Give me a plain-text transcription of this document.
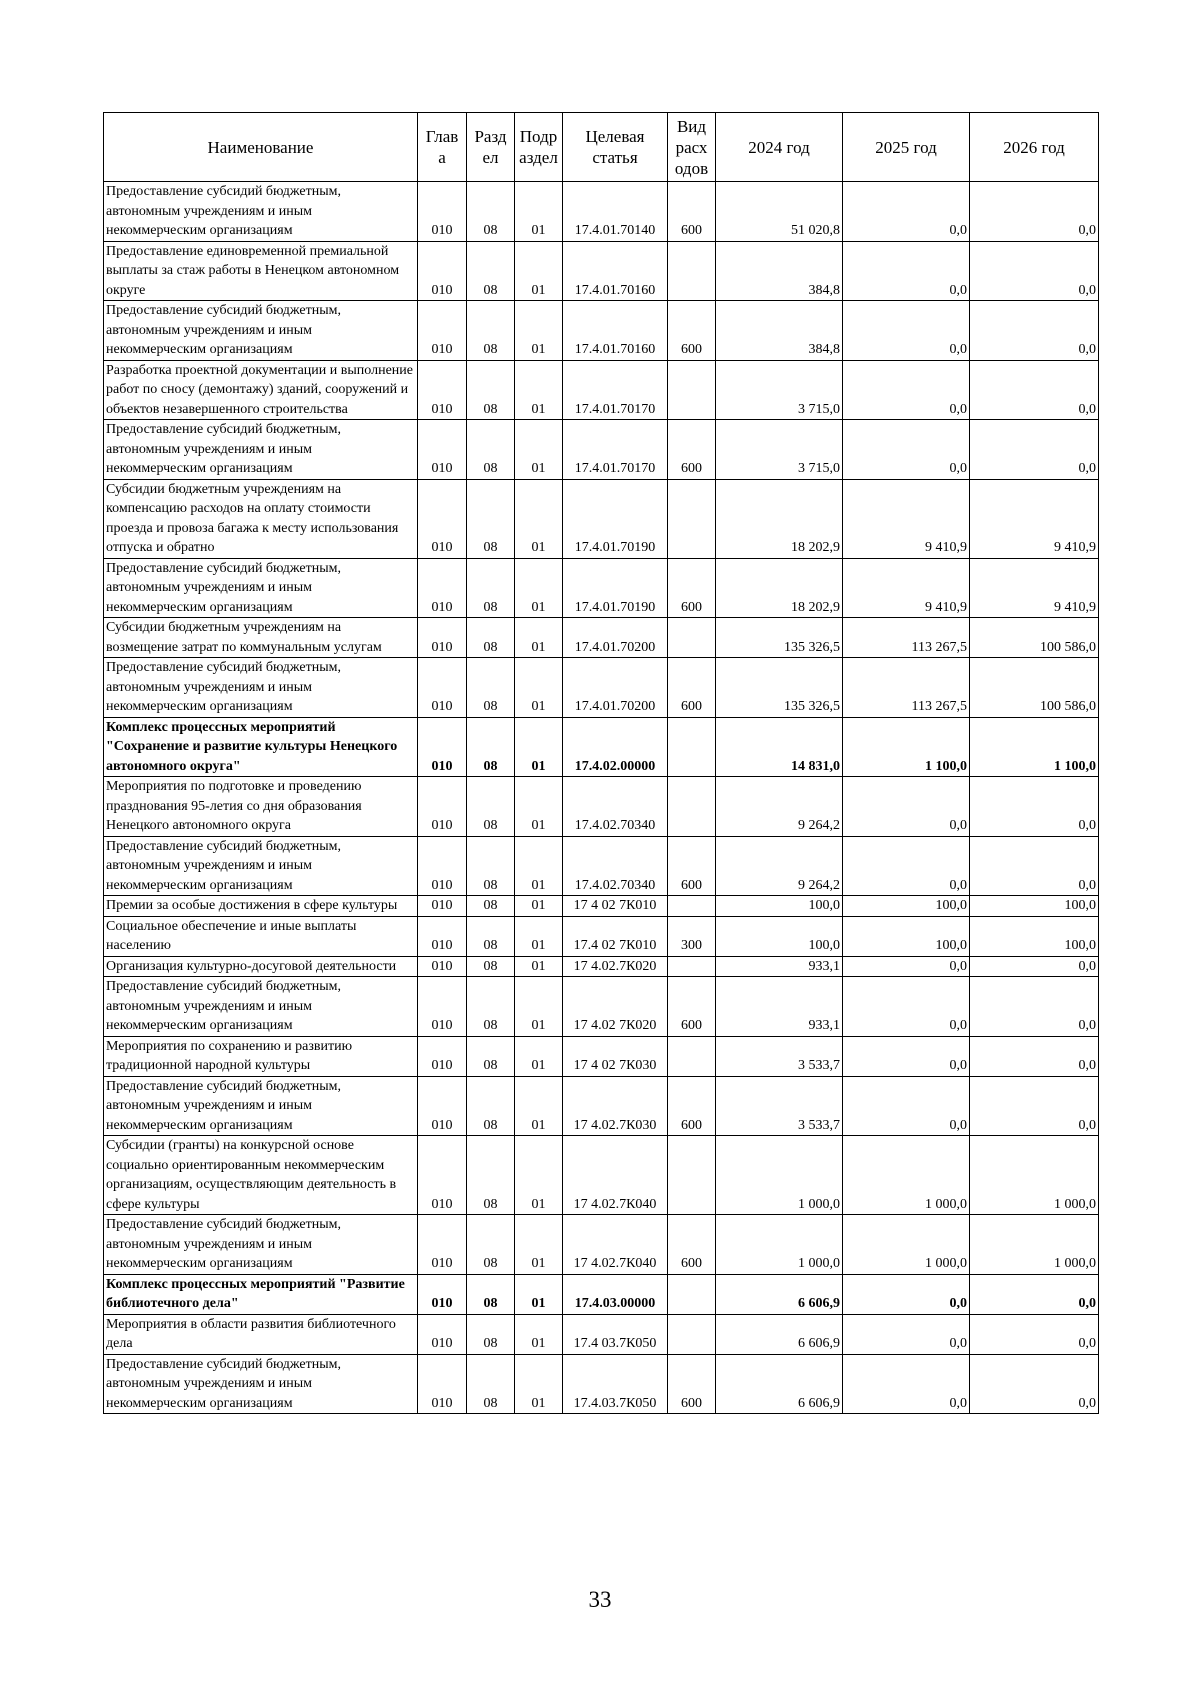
Наименование	Глав а	Разд ел	Подр аздел	Целевая статья	Вид расх одов	2024 год	2025 год	2026 год
Предоставление субсидий бюджетным, автономным учреждениям и иным некоммерческим организациям	010	08	01	17.4.01.70140	600	51 020,8	0,0	0,0
Предоставление единовременной премиальной выплаты за стаж работы в Ненецком автономном округе	010	08	01	17.4.01.70160		384,8	0,0	0,0
Предоставление субсидий бюджетным, автономным учреждениям и иным некоммерческим организациям	010	08	01	17.4.01.70160	600	384,8	0,0	0,0
Разработка проектной документации и выполнение работ по сносу (демонтажу) зданий, сооружений и объектов незавершенного строительства	010	08	01	17.4.01.70170		3 715,0	0,0	0,0
Предоставление субсидий бюджетным, автономным учреждениям и иным некоммерческим организациям	010	08	01	17.4.01.70170	600	3 715,0	0,0	0,0
Субсидии бюджетным учреждениям на компенсацию расходов на оплату стоимости проезда и провоза багажа к месту использования отпуска и обратно	010	08	01	17.4.01.70190		18 202,9	9 410,9	9 410,9
Предоставление субсидий бюджетным, автономным учреждениям и иным некоммерческим организациям	010	08	01	17.4.01.70190	600	18 202,9	9 410,9	9 410,9
Субсидии бюджетным учреждениям на возмещение затрат по коммунальным услугам	010	08	01	17.4.01.70200		135 326,5	113 267,5	100 586,0
Предоставление субсидий бюджетным, автономным учреждениям и иным некоммерческим организациям	010	08	01	17.4.01.70200	600	135 326,5	113 267,5	100 586,0
Комплекс процессных мероприятий "Сохранение и развитие культуры Ненецкого автономного округа"	010	08	01	17.4.02.00000		14 831,0	1 100,0	1 100,0
Мероприятия по подготовке и проведению празднования 95-летия со дня образования Ненецкого автономного округа	010	08	01	17.4.02.70340		9 264,2	0,0	0,0
Предоставление субсидий бюджетным, автономным учреждениям и иным некоммерческим организациям	010	08	01	17.4.02.70340	600	9 264,2	0,0	0,0
Премии за особые достижения в сфере культуры	010	08	01	17 4 02 7К010		100,0	100,0	100,0
Социальное обеспечение и иные выплаты населению	010	08	01	17.4 02 7К010	300	100,0	100,0	100,0
Организация культурно-досуговой деятельности	010	08	01	17 4.02.7К020		933,1	0,0	0,0
Предоставление субсидий бюджетным, автономным учреждениям и иным некоммерческим организациям	010	08	01	17 4.02 7К020	600	933,1	0,0	0,0
Мероприятия по сохранению и развитию традиционной народной культуры	010	08	01	17 4 02 7К030		3 533,7	0,0	0,0
Предоставление субсидий бюджетным, автономным учреждениям и иным некоммерческим организациям	010	08	01	17 4.02.7К030	600	3 533,7	0,0	0,0
Субсидии (гранты) на конкурсной основе социально ориентированным некоммерческим организациям, осуществляющим деятельность в сфере культуры	010	08	01	17 4.02.7К040		1 000,0	1 000,0	1 000,0
Предоставление субсидий бюджетным, автономным учреждениям и иным некоммерческим организациям	010	08	01	17 4.02.7К040	600	1 000,0	1 000,0	1 000,0
Комплекс процессных мероприятий "Развитие библиотечного дела"	010	08	01	17.4.03.00000		6 606,9	0,0	0,0
Мероприятия в области развития библиотечного дела	010	08	01	17.4 03.7К050		6 606,9	0,0	0,0
Предоставление субсидий бюджетным, автономным учреждениям и иным некоммерческим организациям	010	08	01	17.4.03.7К050	600	6 606,9	0,0	0,0
33
